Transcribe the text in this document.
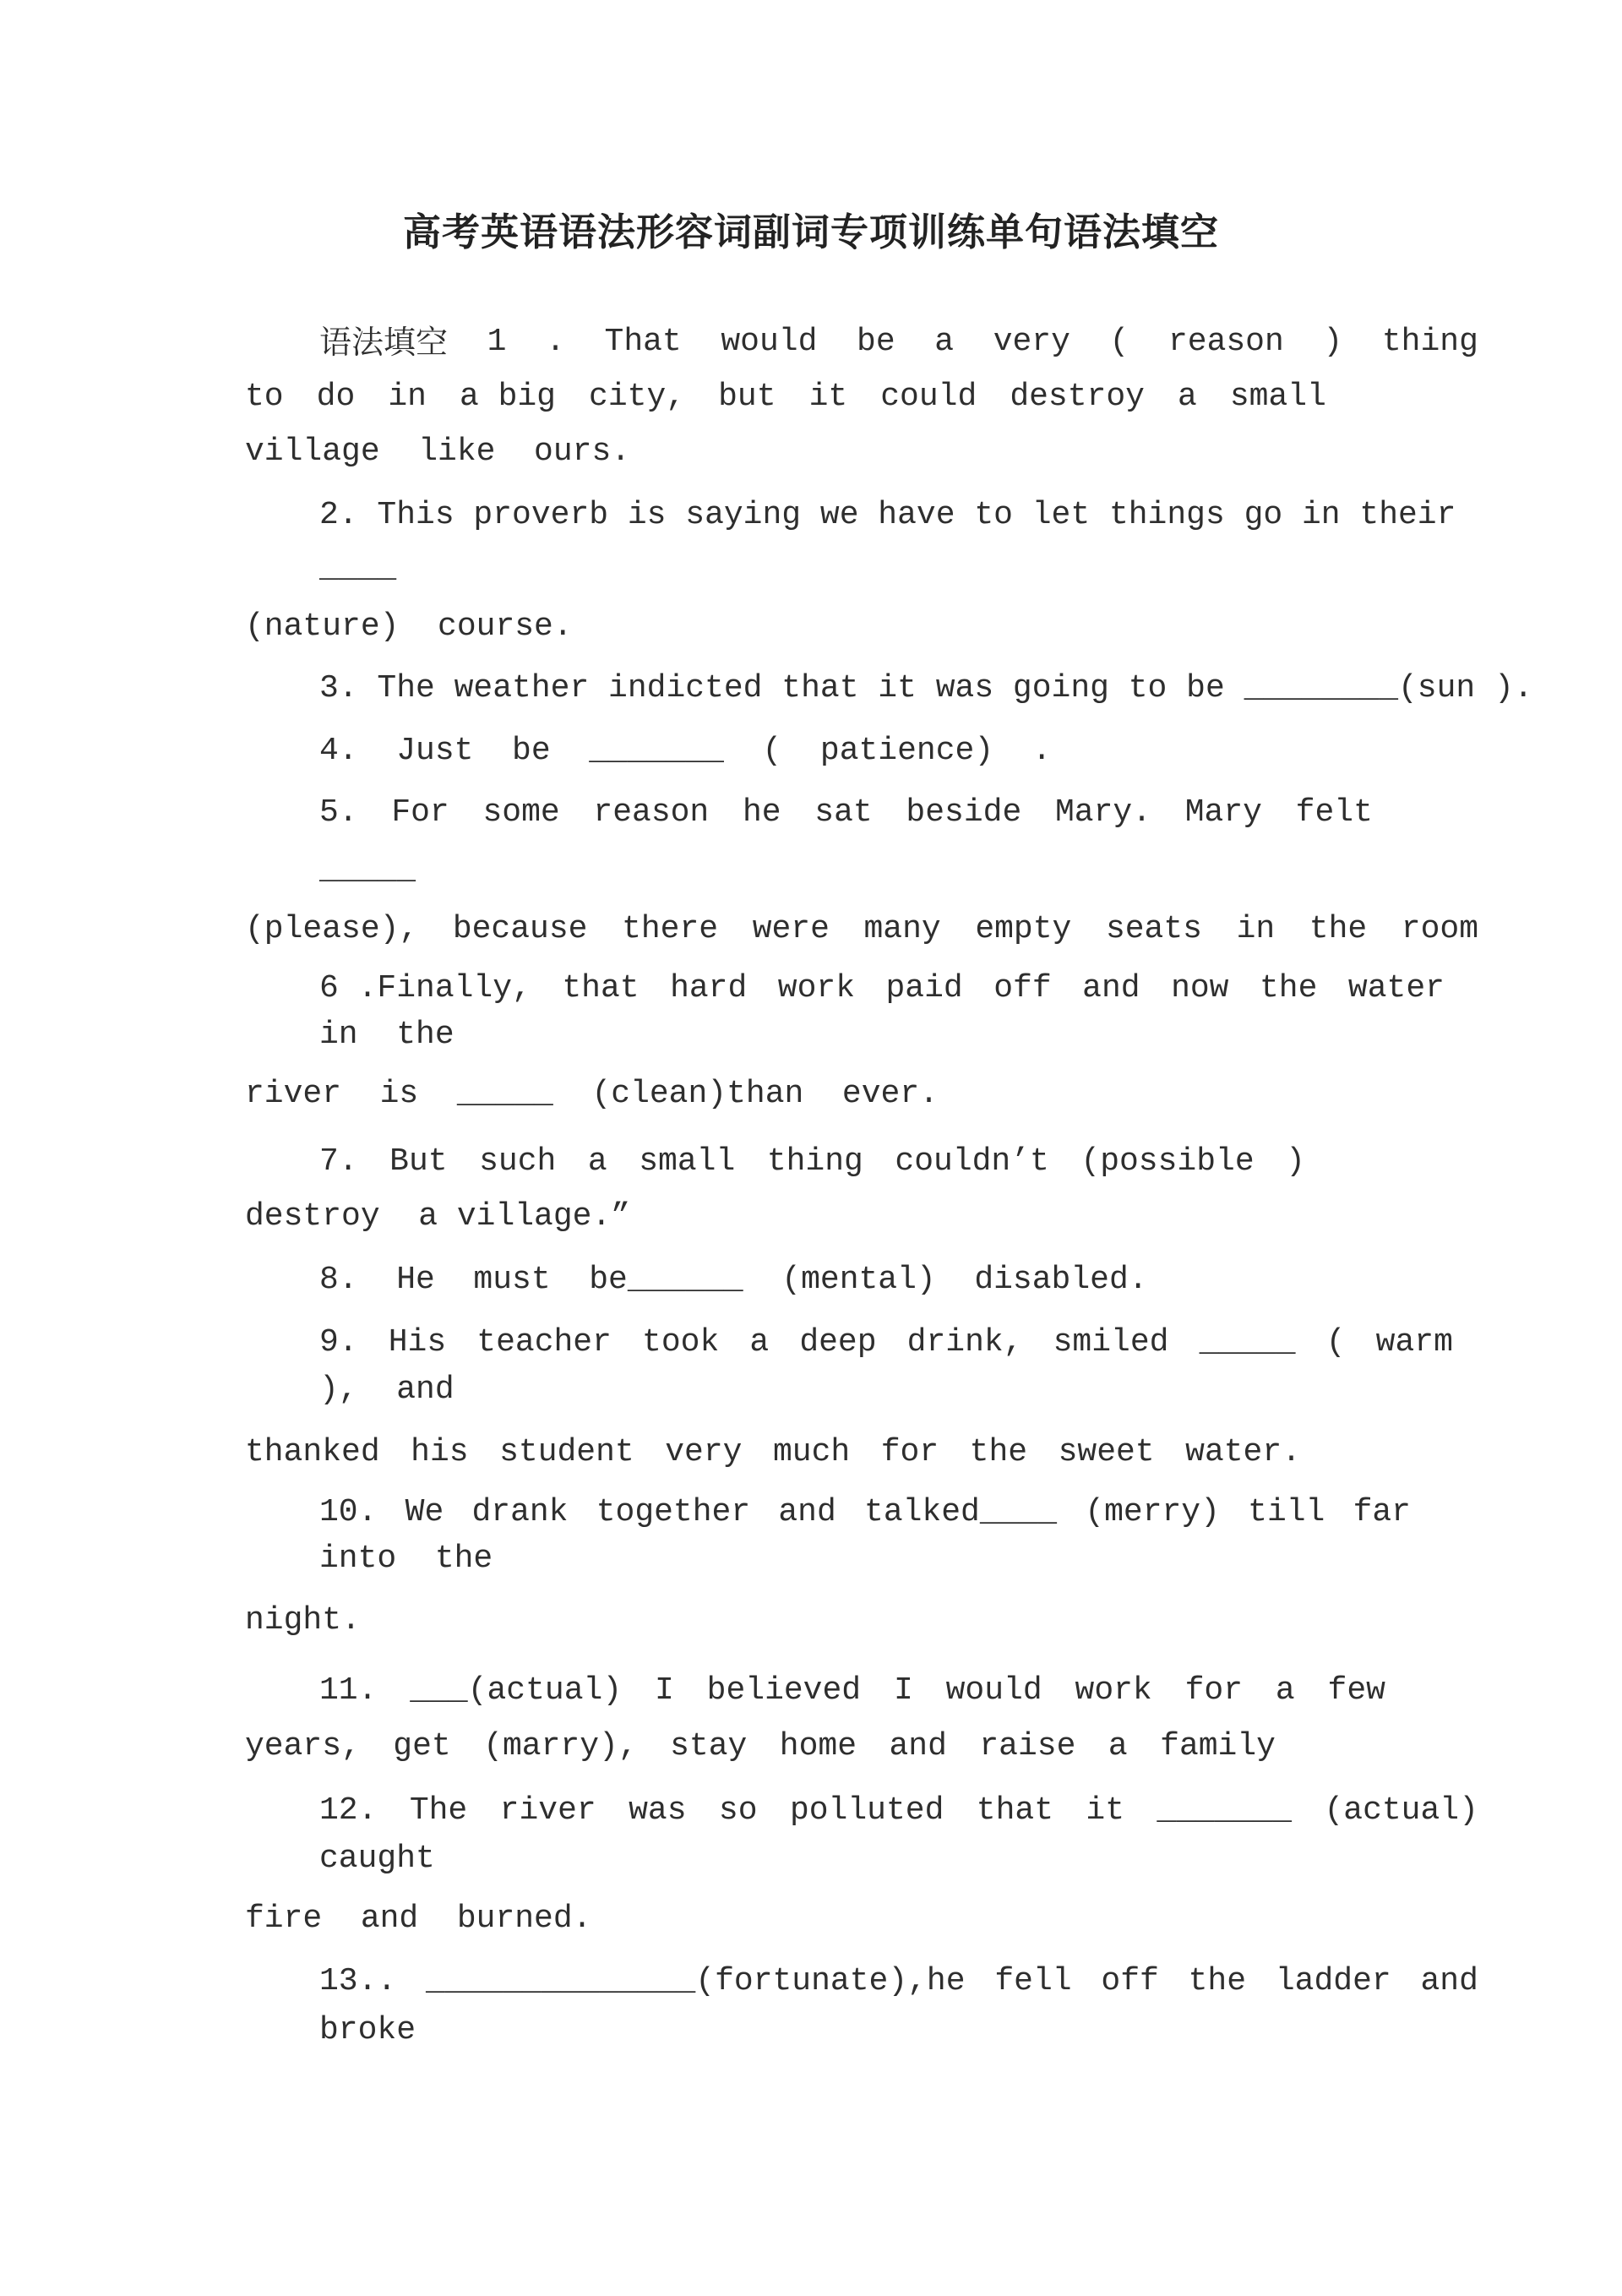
高考英语语法形容词副词专项训练单句语法填空
语法填空 1 . That would be a very ( reason ) thing
to do in a big city, but it could destroy a small
village  like  ours.
2. This proverb is saying we have to let things go in their
____
(nature)  course.
3. The weather indicted that it was going to be ________(sun ).
4.  Just  be  _______  (  patience)  .
5. For some reason he sat beside Mary. Mary felt
_____
(please), because there were many empty seats in the room
6 .Finally, that hard work paid off and now the water
in  the
river  is  _____  (clean)than  ever.
7. But such a small thing couldn’t (possible )
destroy  a village.”
8.  He  must  be______  (mental)  disabled.
9. His teacher took a deep drink, smiled _____ ( warm
),  and
thanked his student very much for the sweet water.
10. We drank together and talked____ (merry) till far
into  the
night.
11. ___(actual) I believed I would work for a few
years, get (marry), stay home and raise a family
12. The river was so polluted that it _______ (actual)
caught
fire  and  burned.
13.. ______________(fortunate),he fell off the ladder and
broke
